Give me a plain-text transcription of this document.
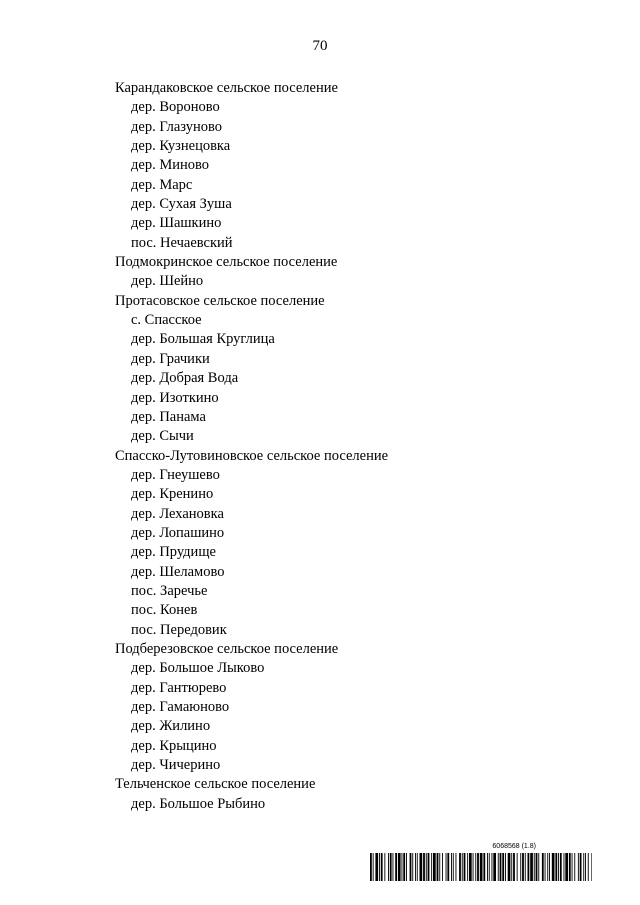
70
Карандаковское сельское поселение
дер. Вороново
дер. Глазуново
дер. Кузнецовка
дер. Миново
дер. Марс
дер. Сухая Зуша
дер. Шашкино
пос. Нечаевский
Подмокринское сельское поселение
дер. Шейно
Протасовское сельское поселение
с. Спасское
дер. Большая Круглица
дер. Грачики
дер. Добрая Вода
дер. Изоткино
дер. Панама
дер. Сычи
Спасско-Лутовиновское сельское поселение
дер. Гнеушево
дер. Кренино
дер. Лехановка
дер. Лопашино
дер. Прудище
дер. Шеламово
пос. Заречье
пос. Конев
пос. Передовик
Подберезовское сельское поселение
дер. Большое Лыково
дер. Гантюрево
дер. Гамаюново
дер. Жилино
дер. Крыцино
дер. Чичерино
Тельченское сельское поселение
дер. Большое Рыбино
6068568 (1.8)
